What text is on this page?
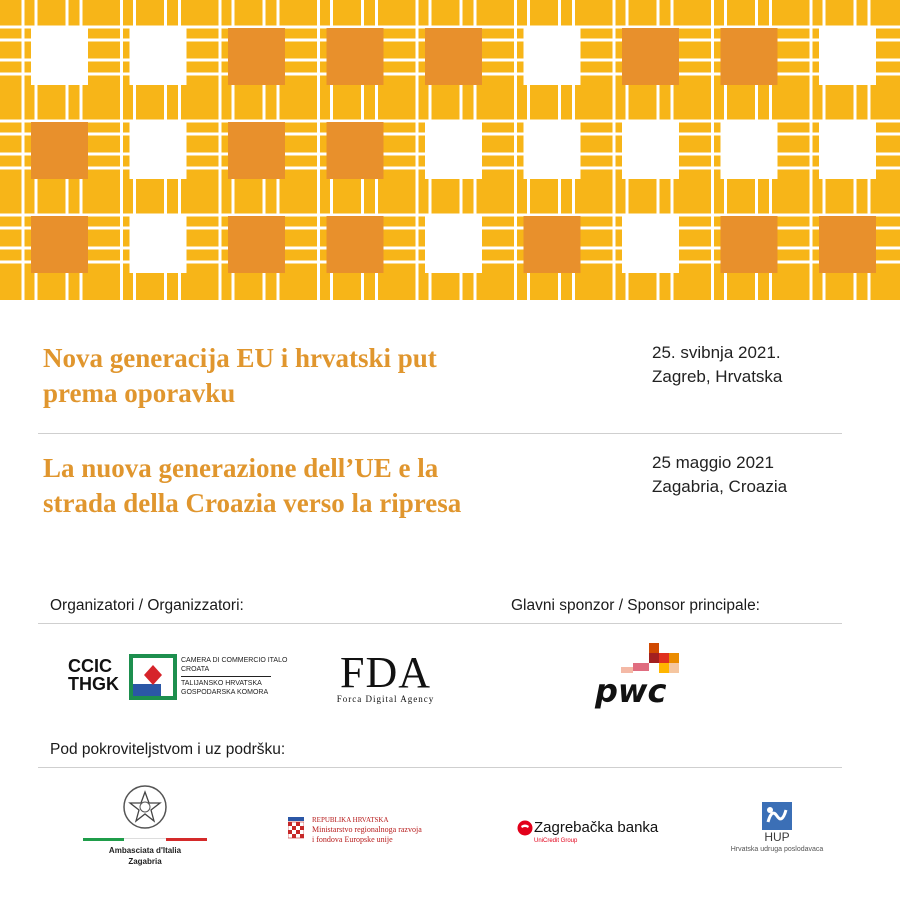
Nova generacija EU i hrvatski put
prema oporavku
25. svibnja 2021.
Zagreb, Hrvatska
La nuova generazione dell’UE e la
strada della Croazia verso la ripresa
25 maggio 2021
Zagabria, Croazia
Organizatori / Organizzatori:	Glavni sponzor / Sponsor principale:
CCIC
THGK
CAMERA DI COMMERCIO ITALO
CROATA
TALIJANSKO HRVATSKA
GOSPODARSKA KOMORA	FDA
Forca Digital Agency	pwc
Pod pokroviteljstvom i uz podršku:
Ambasciata d'Italia
Zagabria
REPUBLIKA HRVATSKA
Ministarstvo regionalnoga razvoja
i fondova Europske unije
Zagrebačka banka
UniCredit Group	HUP
Hrvatska udruga poslodavaca
